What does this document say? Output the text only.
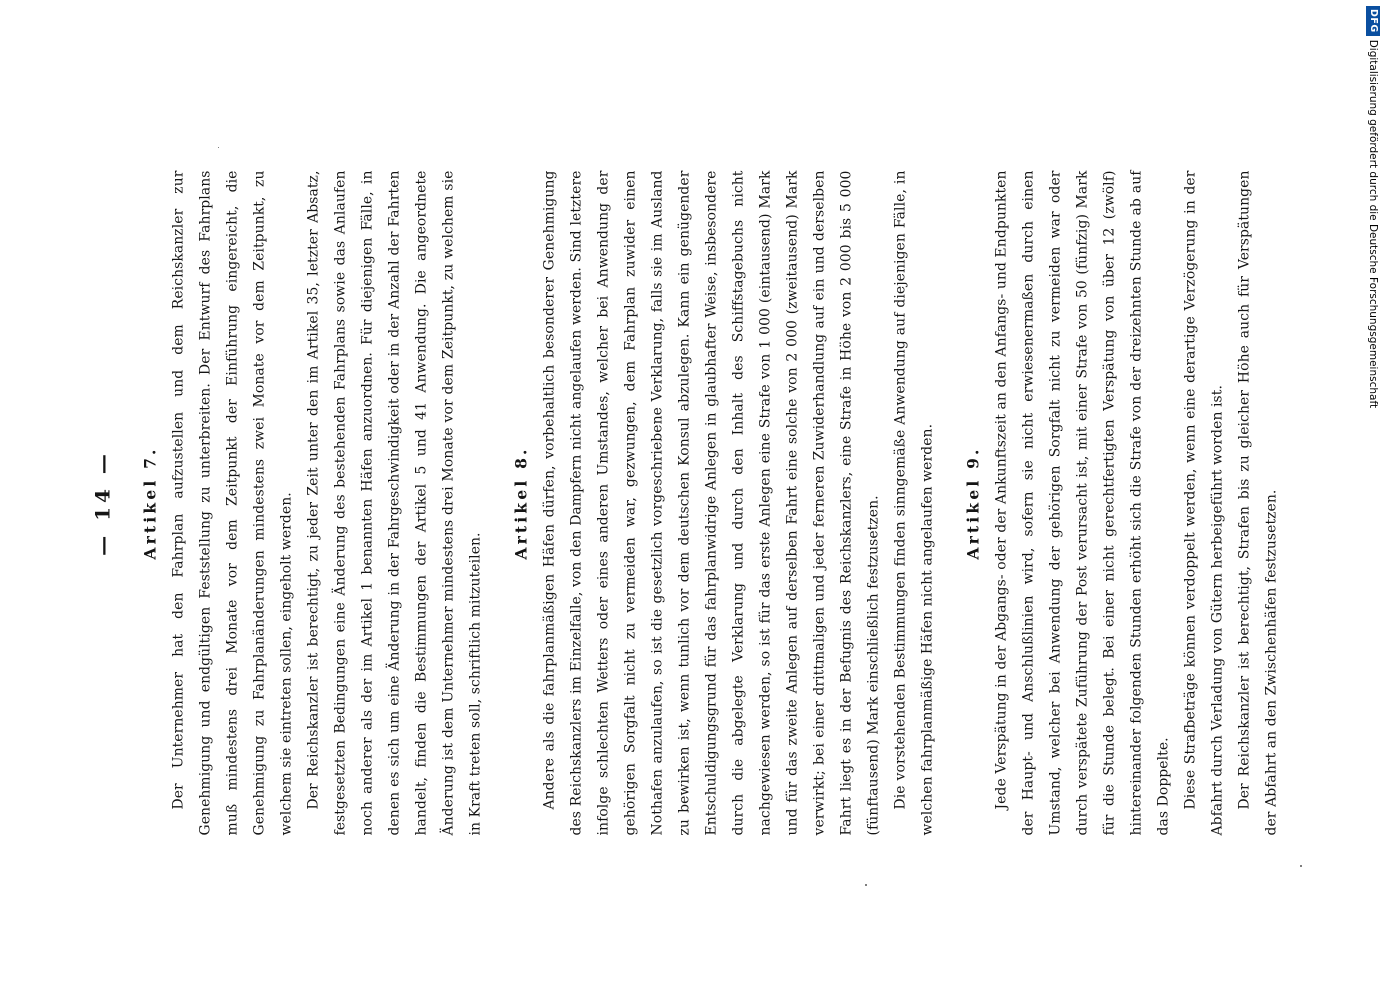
— 14 — Artikel 7. Der Unternehmer hat den Fahrplan aufzustellen und dem Reichskanzler zur Genehmigung und endgültigen Feststellung zu unterbreiten. Der Entwurf des Fahrplans muß mindestens drei Monate vor dem Zeitpunkt der Einführung eingereicht, die Genehmigung zu Fahrplanänderungen mindestens zwei Monate vor dem Zeitpunkt, zu welchem sie eintreten sollen, eingeholt werden. Der Reichskanzler ist berechtigt, zu jeder Zeit unter den im Artikel 35, letzter Absatz, festgesetzten Bedingungen eine Änderung des bestehenden Fahrplans sowie das Anlaufen noch anderer als der im Artikel 1 benannten Häfen anzuordnen. Für diejenigen Fälle, in denen es sich um eine Änderung in der Fahrgeschwindigkeit oder in der Anzahl der Fahrten handelt, finden die Bestimmungen der Artikel 5 und 41 Anwendung. Die angeordnete Änderung ist dem Unternehmer mindestens drei Monate vor dem Zeitpunkt, zu welchem sie in Kraft treten soll, schriftlich mitzuteilen.

Artikel 8. Andere als die fahrplanmäßigen Häfen dürfen, vorbehaltlich besonderer Genehmigung des Reichskanzlers im Einzelfalle, von den Dampfern nicht angelaufen werden. Sind letztere infolge schlechten Wetters oder eines anderen Umstandes, welcher bei Anwendung der gehörigen Sorgfalt nicht zu vermeiden war, gezwungen, dem Fahrplan zuwider einen Nothafen anzulaufen, so ist die gesetzlich vorgeschriebene Verklarung, falls sie im Ausland zu bewirken ist, wenn tunlich vor dem deutschen Konsul abzulegen. Kann ein genügender Entschuldigungsgrund für das fahrplanwidrige Anlegen in glaubhafter Weise, insbesondere durch die abgelegte Verklarung und durch den Inhalt des Schiffstagebuchs nicht nachgewiesen werden, so ist für das erste Anlegen eine Strafe von 1 000 (eintausend) Mark und für das zweite Anlegen auf derselben Fahrt eine solche von 2 000 (zweitausend) Mark verwirkt; bei einer drittmaligen und jeder ferneren Zuwiderhandlung auf ein und derselben Fahrt liegt es in der Befugnis des Reichskanzlers, eine Strafe in Höhe von 2 000 bis 5 000 (fünftausend) Mark einschließlich festzusetzen. Die vorstehenden Bestimmungen finden sinngemäße Anwendung auf diejenigen Fälle, in welchen fahrplanmäßige Häfen nicht angelaufen werden.	Artikel 9. Jede Verspätung in der Abgangs- oder der Ankunftszeit an den Anfangs- und Endpunkten der Haupt- und Anschlußlinien wird, sofern sie nicht erwiesenermaßen durch einen Umstand, welcher bei Anwendung der gehörigen Sorgfalt nicht zu vermeiden war oder durch verspätete Zuführung der Post verursacht ist, mit einer Strafe von 50 (fünfzig) Mark für die Stunde belegt. Bei einer nicht gerechtfertigten Verspätung von über 12 (zwölf) hintereinander folgenden Stunden erhöht sich die Strafe von der dreizehnten Stunde ab auf das Doppelte. Diese Strafbeträge können verdoppelt werden, wenn eine derartige Verzögerung in der Abfahrt durch Verladung von Gütern herbeigeführt worden ist. Der Reichskanzler ist berechtigt, Strafen bis zu gleicher Höhe auch für Verspätungen der Abfahrt an den Zwischenhäfen festzusetzen.

DFG
Digitalisierung gefördert durch die Deutsche Forschungsgemeinschaft
